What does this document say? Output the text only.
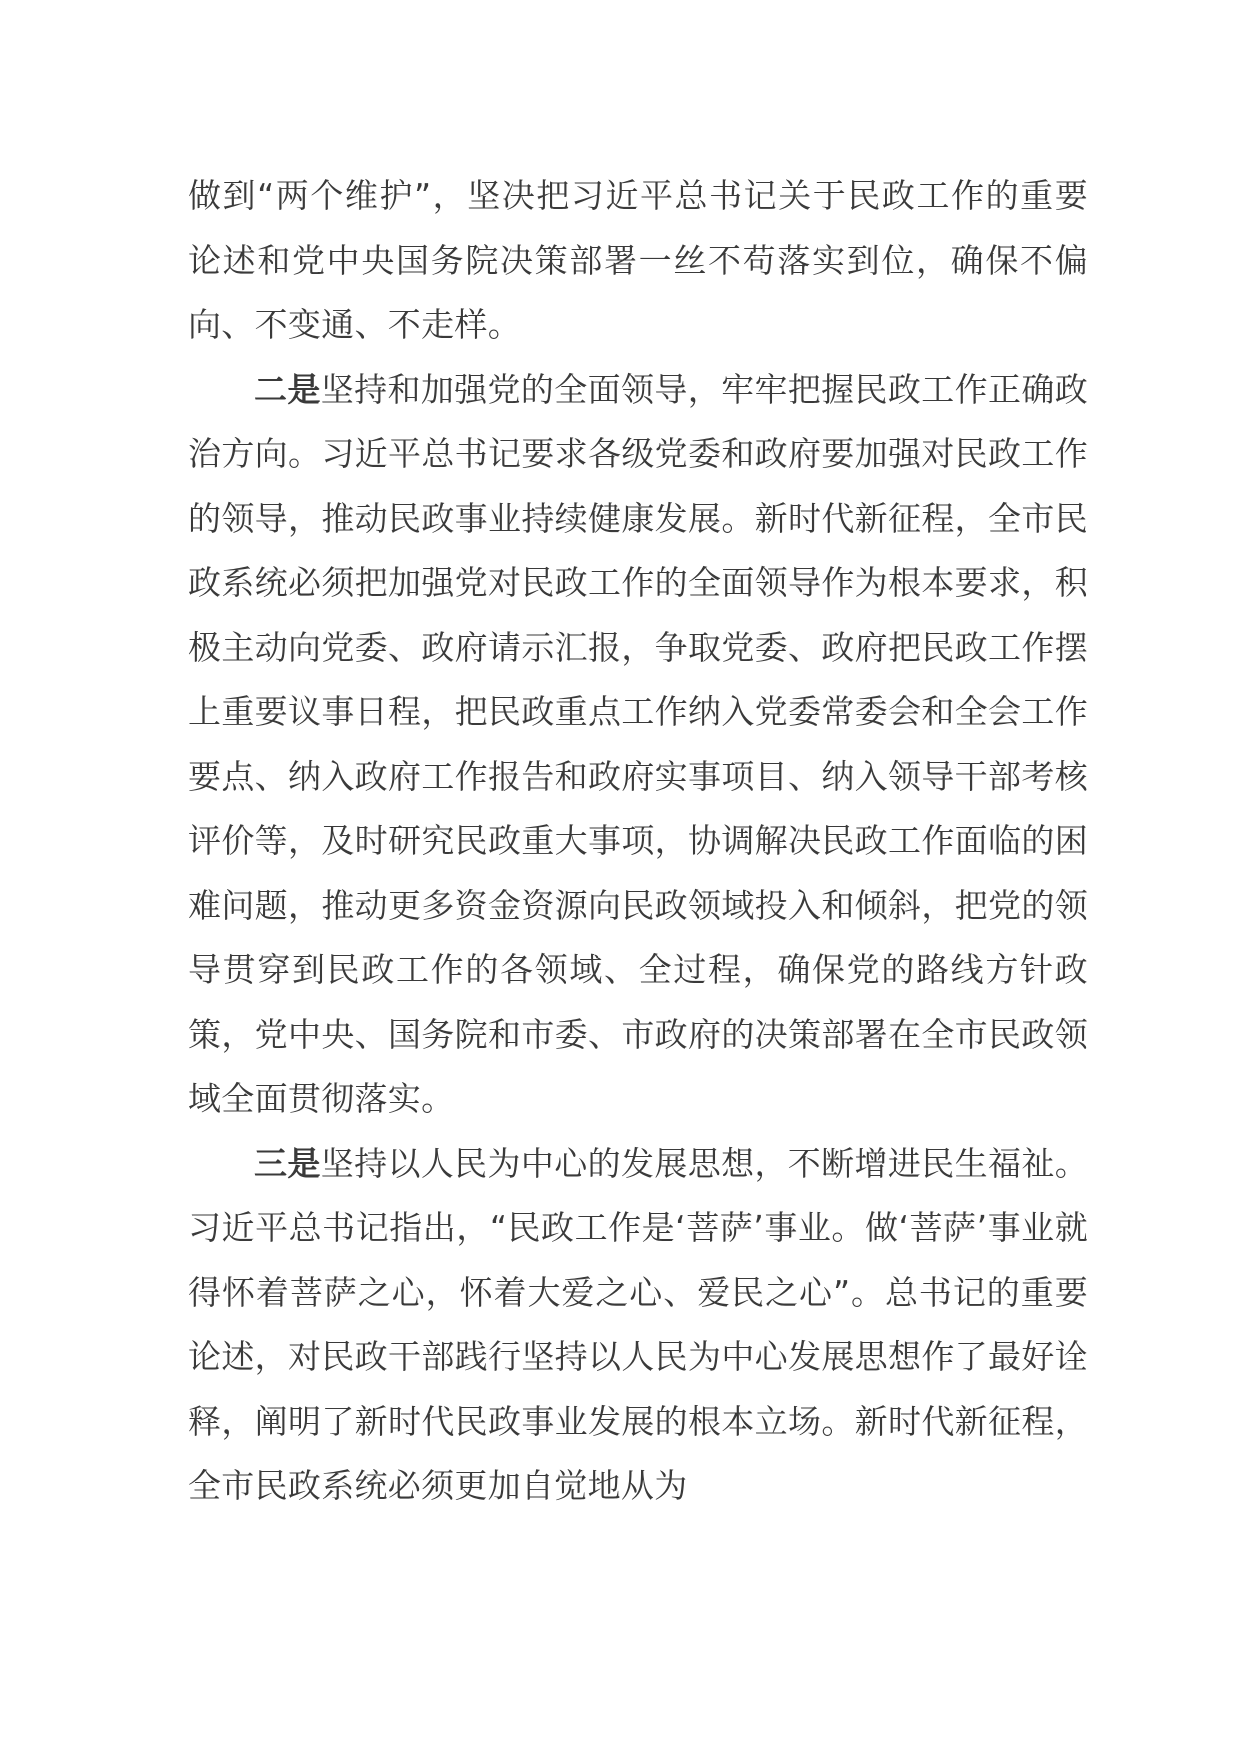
做到“两个维护”，坚决把习近平总书记关于民政工作的重要论述和党中央国务院决策部署一丝不苟落实到位，确保不偏向、不变通、不走样。

二是坚持和加强党的全面领导，牢牢把握民政工作正确政治方向。习近平总书记要求各级党委和政府要加强对民政工作的领导，推动民政事业持续健康发展。新时代新征程，全市民政系统必须把加强党对民政工作的全面领导作为根本要求，积极主动向党委、政府请示汇报，争取党委、政府把民政工作摆上重要议事日程，把民政重点工作纳入党委常委会和全会工作要点、纳入政府工作报告和政府实事项目、纳入领导干部考核评价等，及时研究民政重大事项，协调解决民政工作面临的困难问题，推动更多资金资源向民政领域投入和倾斜，把党的领导贯穿到民政工作的各领域、全过程，确保党的路线方针政策，党中央、国务院和市委、市政府的决策部署在全市民政领域全面贯彻落实。

三是坚持以人民为中心的发展思想，不断增进民生福祉。习近平总书记指出，“民政工作是‘菩萨’事业。做‘菩萨’事业就得怀着菩萨之心，怀着大爱之心、爱民之心”。总书记的重要论述，对民政干部践行坚持以人民为中心发展思想作了最好诠释，阐明了新时代民政事业发展的根本立场。新时代新征程，全市民政系统必须更加自觉地从为
